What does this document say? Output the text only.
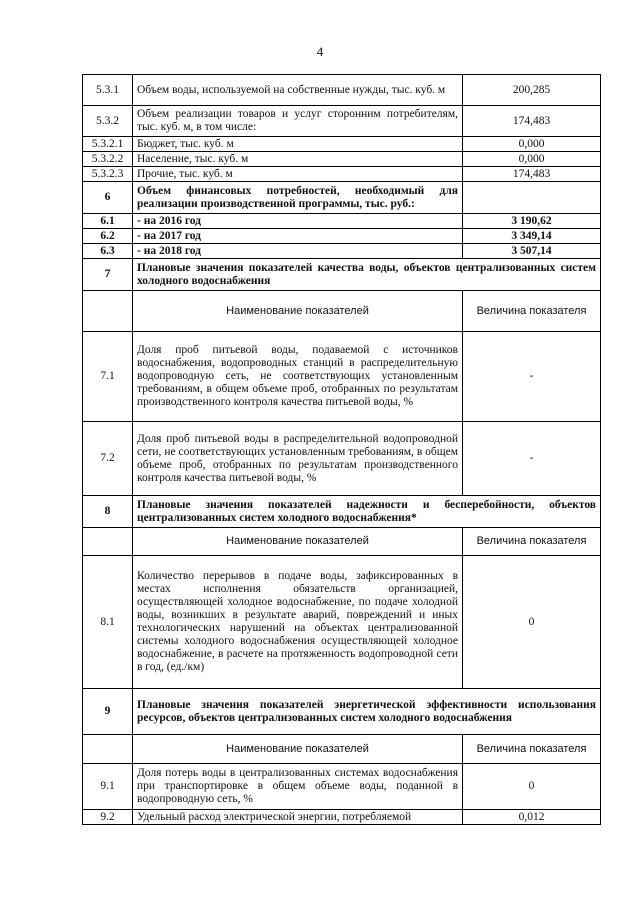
4
5.3.1	Объем воды, используемой на собственные нужды, тыс. куб. м	200,285
5.3.2	Объем реализации товаров и услуг сторонним потребителям, тыс. куб. м, в том числе:	174,483
5.3.2.1	Бюджет, тыс. куб. м	0,000
5.3.2.2	Население, тыс. куб. м	0,000
5.3.2.3	Прочие, тыс. куб. м	174,483
6	Объем финансовых потребностей, необходимый для реализации производственной программы, тыс. руб.:	
6.1	- на 2016 год	3 190,62
6.2	- на 2017 год	3 349,14
6.3	- на 2018 год	3 507,14
7	Плановые значения показателей качества воды, объектов централизованных систем холодного водоснабжения	
	Наименование показателей	Величина показателя
7.1	Доля проб питьевой воды, подаваемой с источников водоснабжения, водопроводных станций в распределительную водопроводную сеть, не соответствующих установленным требованиям, в общем объеме проб, отобранных по результатам производственного контроля качества питьевой воды, %	-
7.2	Доля проб питьевой воды в распределительной водопроводной сети, не соответствующих установленным требованиям, в общем объеме проб, отобранных по результатам производственного контроля качества питьевой воды, %	-
8	Плановые значения показателей надежности и бесперебойности, объектов централизованных систем холодного водоснабжения*	
	Наименование показателей	Величина показателя
8.1	Количество перерывов в подаче воды, зафиксированных в местах исполнения обязательств организацией, осуществляющей холодное водоснабжение, по подаче холодной воды, возникших в результате аварий, повреждений и иных технологических нарушений на объектах централизованной системы холодного водоснабжения осуществляющей холодное водоснабжение, в расчете на протяженность водопроводной сети в год, (ед./км)	0
9	Плановые значения показателей энергетической эффективности использования ресурсов, объектов централизованных систем холодного водоснабжения	
	Наименование показателей	Величина показателя
9.1	Доля потерь воды в централизованных системах водоснабжения при транспортировке в общем объеме воды, поданной в водопроводную сеть, %	0
9.2	Удельный расход электрической энергии, потребляемой	0,012
